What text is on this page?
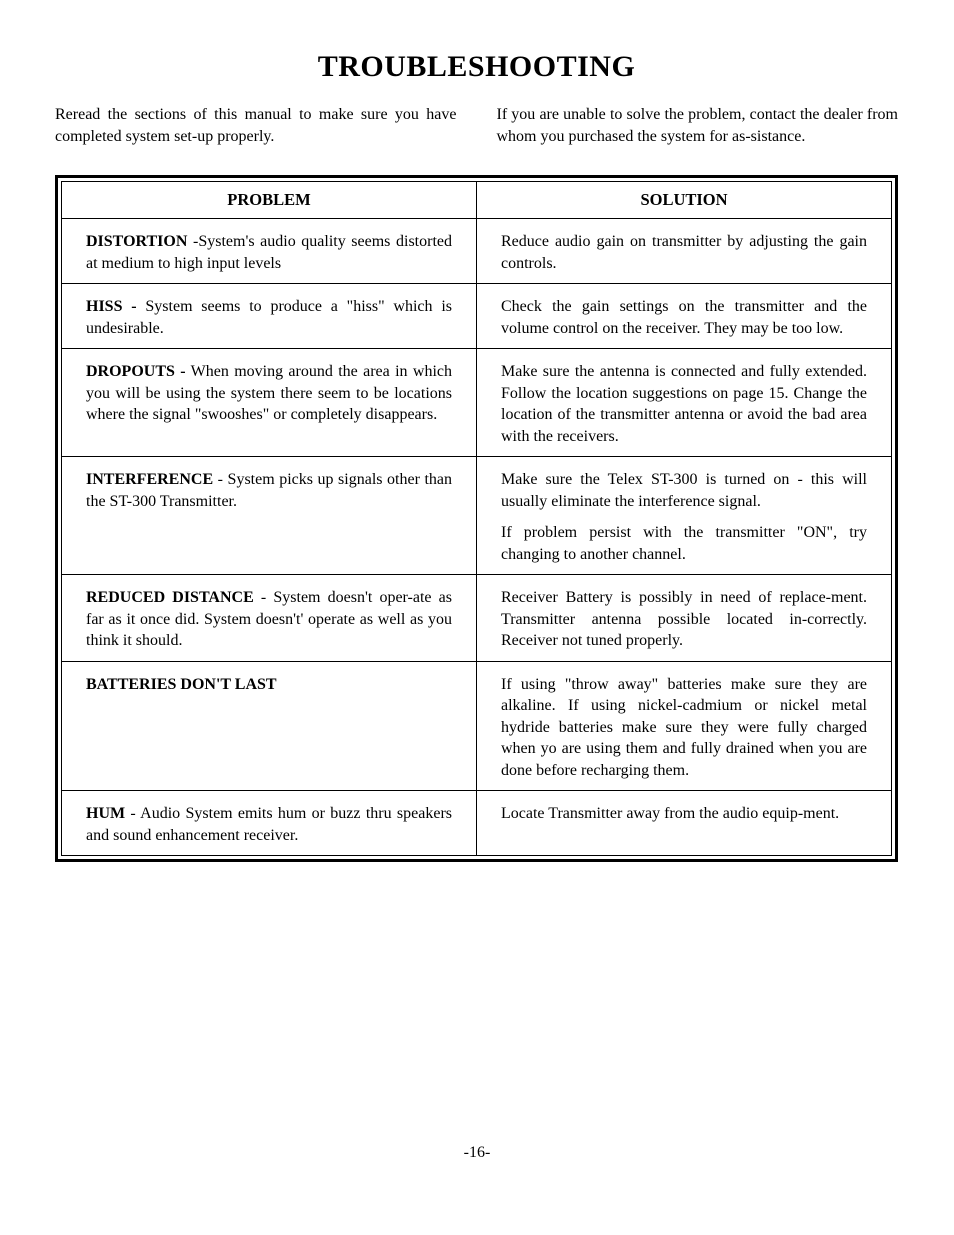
TROUBLESHOOTING

Reread the sections of this manual to make sure you have completed system set-up properly.

If you are unable to solve the problem, contact the dealer from whom you purchased the system for as-sistance.

PROBLEM	SOLUTION
DISTORTION -System's audio quality seems distorted at medium to high input levels	Reduce audio gain on transmitter by adjusting the gain controls.

HISS - System seems to produce a "hiss" which is undesirable.	Check the gain settings on the transmitter and the volume control on the receiver. They may be too low.

DROPOUTS - When moving around the area in which you will be using the system there seem to be locations where the signal "swooshes" or completely disappears.	Make sure the antenna is connected and fully extended. Follow the location suggestions on page 15. Change the location of the transmitter antenna or avoid the bad area with the receivers.

INTERFERENCE - System picks up signals other than the ST-300 Transmitter.	Make sure the Telex ST-300 is turned on - this will usually eliminate the interference signal.

If problem persist with the transmitter "ON", try changing to another channel.

REDUCED DISTANCE - System doesn't oper-ate as far as it once did. System doesn't' operate as well as you think it should.	Receiver Battery is possibly in need of replace-ment. Transmitter antenna possible located in-correctly. Receiver not tuned properly.

BATTERIES DON'T LAST	If using "throw away" batteries make sure they are alkaline. If using nickel-cadmium or nickel metal hydride batteries make sure they were fully charged when yo are using them and fully drained when you are done before recharging them.

HUM - Audio System emits hum or buzz thru speakers and sound enhancement receiver.	Locate Transmitter away from the audio equip-ment.

-16-
